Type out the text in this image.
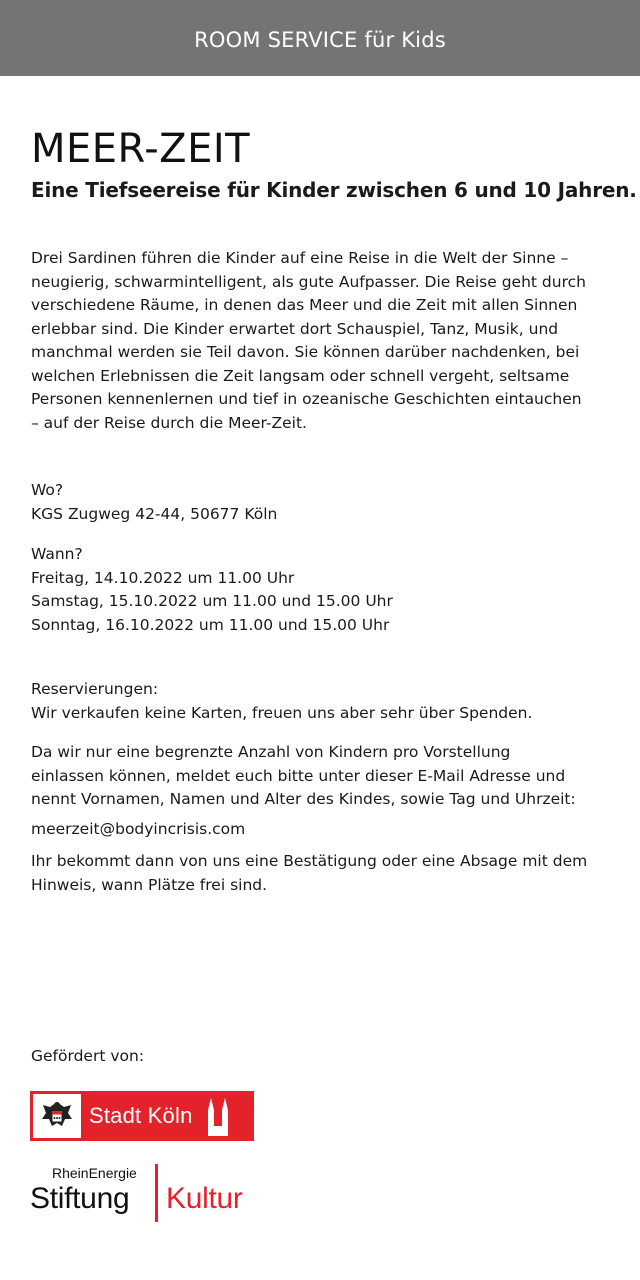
ROOM SERVICE für Kids
MEER-ZEIT
Eine Tiefseereise für Kinder zwischen 6 und 10 Jahren.
Drei Sardinen führen die Kinder auf eine Reise in die Welt der Sinne –
neugierig, schwarmintelligent, als gute Aufpasser. Die Reise geht durch
verschiedene Räume, in denen das Meer und die Zeit mit allen Sinnen
erlebbar sind. Die Kinder erwartet dort Schauspiel, Tanz, Musik, und
manchmal werden sie Teil davon. Sie können darüber nachdenken, bei
welchen Erlebnissen die Zeit langsam oder schnell vergeht, seltsame
Personen kennenlernen und tief in ozeanische Geschichten eintauchen
– auf der Reise durch die Meer-Zeit.
Wo?
KGS Zugweg 42-44, 50677 Köln
Wann?
Freitag, 14.10.2022 um 11.00 Uhr
Samstag, 15.10.2022 um 11.00 und 15.00 Uhr
Sonntag, 16.10.2022 um 11.00 und 15.00 Uhr
Reservierungen:
Wir verkaufen keine Karten, freuen uns aber sehr über Spenden.
Da wir nur eine begrenzte Anzahl von Kindern pro Vorstellung
einlassen können, meldet euch bitte unter dieser E-Mail Adresse und
nennt Vornamen, Namen und Alter des Kindes, sowie Tag und Uhrzeit:
meerzeit@bodyincrisis.com
Ihr bekommt dann von uns eine Bestätigung oder eine Absage mit dem
Hinweis, wann Plätze frei sind.
Gefördert von:
Stadt Köln
RheinEnergie
Stiftung Kultur
